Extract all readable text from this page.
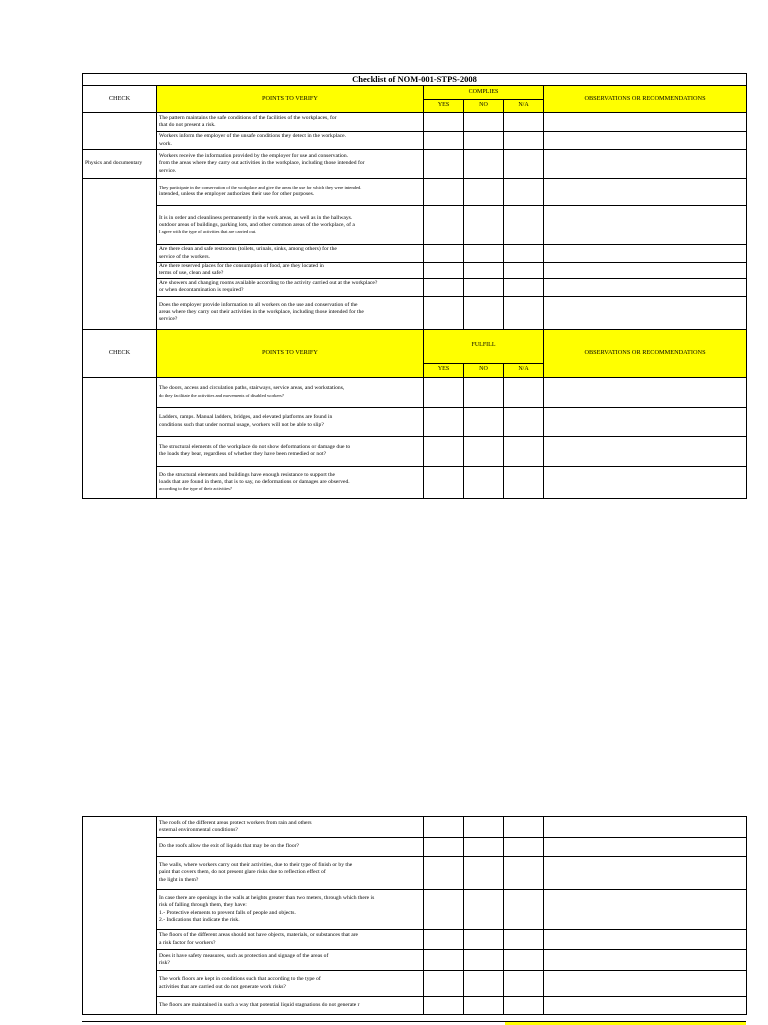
Checklist of NOM-001-STPS-2008					
CHECK	POINTS TO VERIFY	COMPLIES			OBSERVATIONS OR RECOMMENDATIONS
		YES	NO	N/A	

	The pattern maintains the safe conditions of the facilities of the workplaces, for
that do not present a risk.				

	Workers inform the employer of the unsafe conditions they detect in the workplace.
work.				

Physics and documentary	Workers receive the information provided by the employer for use and conservation.
from the areas where they carry out activities in the workplace, including those intended for
service.				

	They participate in the conservation of the workplace and give the areas the use for which they were intended.
intended, unless the employer authorizes their use for other purposes.				

	It is in order and cleanliness permanently in the work areas, as well as in the hallways.
outdoor areas of buildings, parking lots, and other common areas of the workplace, of a
I agree with the type of activities that are carried out.				

	Are there clean and safe restrooms (toilets, urinals, sinks, among others) for the
service of the workers.				

	Are there reserved places for the consumption of food, are they located in
terms of use, clean and safe?				

	Are showers and changing rooms available according to the activity carried out at the workplace?
or when decontamination is required?				

	Does the employer provide information to all workers on the use and conservation of the
areas where they carry out their activities in the workplace, including those intended for the
service?				

CHECK	POINTS TO VERIFY	FULFILL			OBSERVATIONS OR RECOMMENDATIONS
		YES	NO	N/A	

	The doors, access and circulation paths, stairways, service areas, and workstations,
do they facilitate the activities and movements of disabled workers?				

	Ladders, ramps. Manual ladders, bridges, and elevated platforms are found in
conditions such that under normal usage, workers will not be able to slip?				

	The structural elements of the workplace do not show deformations or damage due to
the loads they bear, regardless of whether they have been remedied or not?				

	Do the structural elements and buildings have enough resistance to support the
loads that are found in them, that is to say, no deformations or damages are observed.
according to the type of their activities?				

	The roofs of the different areas protect workers from rain and others
external environmental conditions?				

	Do the roofs allow the exit of liquids that may be on the floor?				

	The walls, where workers carry out their activities, due to their type of finish or by the
paint that covers them, do not present glare risks due to reflection effect of
the light in them?				

	In case there are openings in the walls at heights greater than two meters, through which there is
risk of falling through them, they have:
1.- Protective elements to prevent falls of people and objects.
2.- Indications that indicate the risk.				

	The floors of the different areas should not have objects, materials, or substances that are
a risk factor for workers?				

	Does it have safety measures, such as protection and signage of the areas of
risk?				

	The work floors are kept in conditions such that according to the type of
activities that are carried out do not generate work risks?				

	The floors are maintained in such a way that potential liquid stagnations do not generate r				
